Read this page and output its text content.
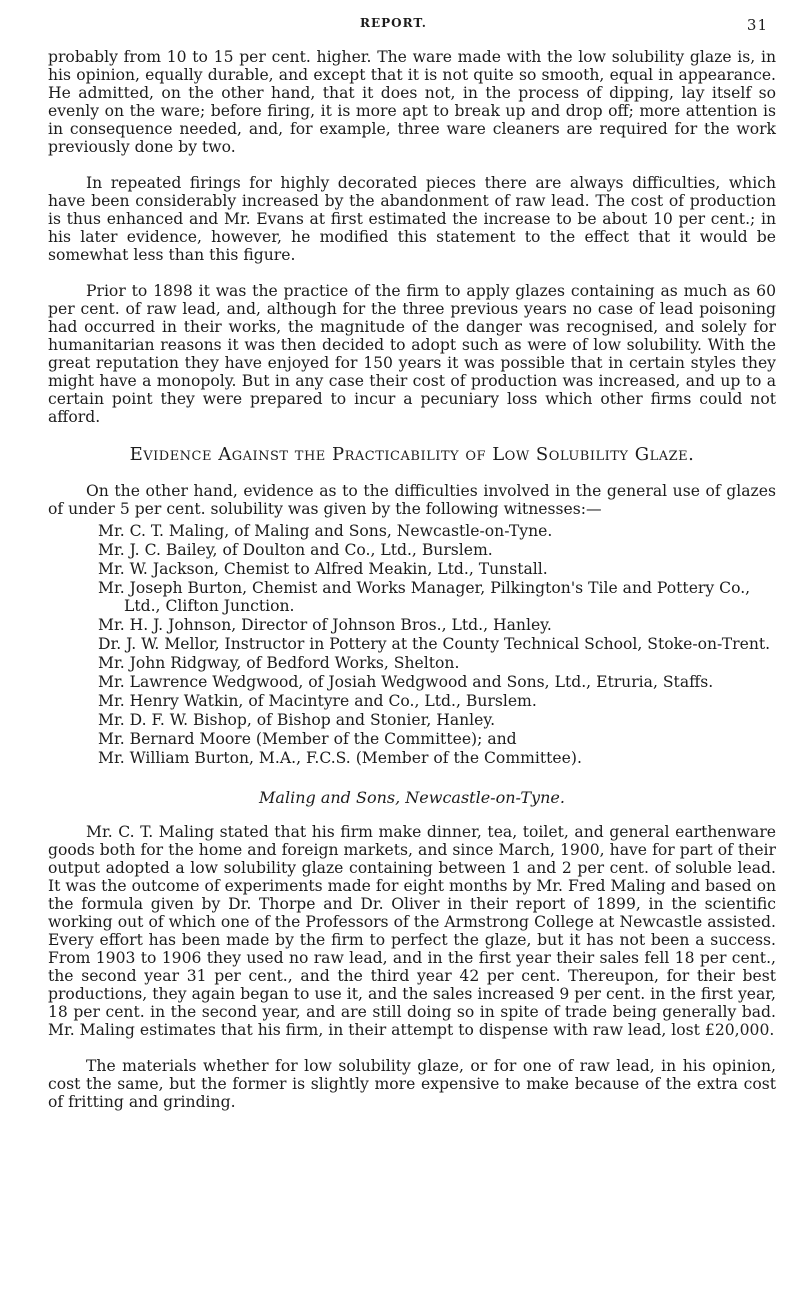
REPORT.	31

probably from 10 to 15 per cent. higher. The ware made with the low solubility glaze is, in his opinion, equally durable, and except that it is not quite so smooth, equal in appearance. He admitted, on the other hand, that it does not, in the process of dipping, lay itself so evenly on the ware; before firing, it is more apt to break up and drop off; more attention is in consequence needed, and, for example, three ware cleaners are required for the work previously done by two.

In repeated firings for highly decorated pieces there are always difficulties, which have been considerably increased by the abandonment of raw lead. The cost of production is thus enhanced and Mr. Evans at first estimated the increase to be about 10 per cent.; in his later evidence, however, he modified this statement to the effect that it would be somewhat less than this figure.

Prior to 1898 it was the practice of the firm to apply glazes containing as much as 60 per cent. of raw lead, and, although for the three previous years no case of lead poisoning had occurred in their works, the magnitude of the danger was recognised, and solely for humanitarian reasons it was then decided to adopt such as were of low solubility. With the great reputation they have enjoyed for 150 years it was possible that in certain styles they might have a monopoly. But in any case their cost of production was increased, and up to a certain point they were prepared to incur a pecuniary loss which other firms could not afford.

Evidence Against the Practicability of Low Solubility Glaze.

On the other hand, evidence as to the difficulties involved in the general use of glazes of under 5 per cent. solubility was given by the following witnesses:—

Mr. C. T. Maling, of Maling and Sons, Newcastle-on-Tyne.
Mr. J. C. Bailey, of Doulton and Co., Ltd., Burslem.
Mr. W. Jackson, Chemist to Alfred Meakin, Ltd., Tunstall.
Mr. Joseph Burton, Chemist and Works Manager, Pilkington's Tile and Pottery Co., Ltd., Clifton Junction.
Mr. H. J. Johnson, Director of Johnson Bros., Ltd., Hanley.
Dr. J. W. Mellor, Instructor in Pottery at the County Technical School, Stoke-on-Trent.
Mr. John Ridgway, of Bedford Works, Shelton.
Mr. Lawrence Wedgwood, of Josiah Wedgwood and Sons, Ltd., Etruria, Staffs.
Mr. Henry Watkin, of Macintyre and Co., Ltd., Burslem.
Mr. D. F. W. Bishop, of Bishop and Stonier, Hanley.
Mr. Bernard Moore (Member of the Committee); and
Mr. William Burton, M.A., F.C.S. (Member of the Committee).
Maling and Sons, Newcastle-on-Tyne.

Mr. C. T. Maling stated that his firm make dinner, tea, toilet, and general earthenware goods both for the home and foreign markets, and since March, 1900, have for part of their output adopted a low solubility glaze containing between 1 and 2 per cent. of soluble lead. It was the outcome of experiments made for eight months by Mr. Fred Maling and based on the formula given by Dr. Thorpe and Dr. Oliver in their report of 1899, in the scientific working out of which one of the Professors of the Armstrong College at Newcastle assisted. Every effort has been made by the firm to perfect the glaze, but it has not been a success. From 1903 to 1906 they used no raw lead, and in the first year their sales fell 18 per cent., the second year 31 per cent., and the third year 42 per cent. Thereupon, for their best productions, they again began to use it, and the sales increased 9 per cent. in the first year, 18 per cent. in the second year, and are still doing so in spite of trade being generally bad. Mr. Maling estimates that his firm, in their attempt to dispense with raw lead, lost £20,000.

The materials whether for low solubility glaze, or for one of raw lead, in his opinion, cost the same, but the former is slightly more expensive to make because of the extra cost of fritting and grinding.
